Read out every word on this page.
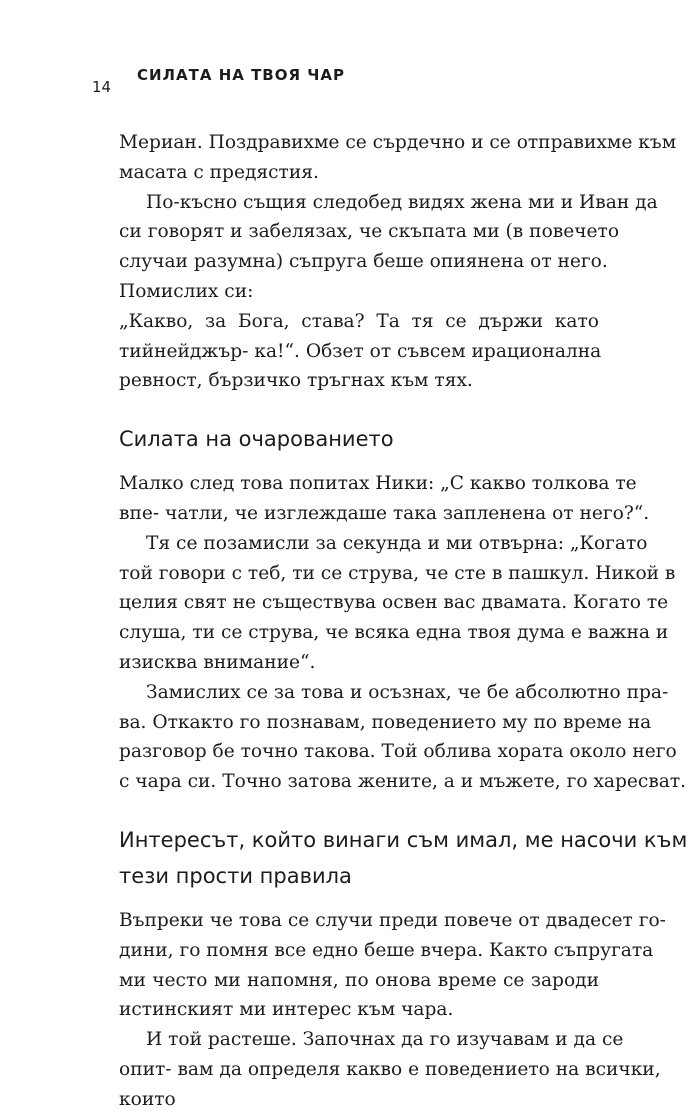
14
СИЛАТА НА ТВОЯ ЧАР
Мериан. Поздравихме се сърдечно и се отправихме към
масата с предястия.
По-късно същия следобед видях жена ми и Иван да
си говорят и забелязах, че скъпата ми (в повечето
случаи разумна) съпруга беше опиянена от него.
Помислих си:
„Какво, за Бога, става? Та тя се държи като
тийнейджър- ка!“. Обзет от съвсем ирационална
ревност, бързичко тръгнах към тях.
Силата на очарованието
Малко след това попитах Ники: „С какво толкова те
впе- чатли, че изглеждаше така запленена от него?“.
Тя се позамисли за секунда и ми отвърна: „Когато
той говори с теб, ти се струва, че сте в пашкул. Никой в
целия свят не съществува освен вас двамата. Когато те
слуша, ти се струва, че всяка една твоя дума е важна и
изисква внимание“.
Замислих се за това и осъзнах, че бе абсолютно пра-
ва. Откакто го познавам, поведението му по време на
разговор бе точно такова. Той облива хората около него
с чара си. Точно затова жените, а и мъжете, го харесват.
Интересът, който винаги съм имал, ме насочи към
тези прости правила
Въпреки че това се случи преди повече от двадесет го-
дини, го помня все едно беше вчера. Както съпругата
ми често ми напомня, по онова време се зароди
истинският ми интерес към чара.
И той растеше. Започнах да го изучавам и да се
опит- вам да определя какво е поведението на всички,
които
